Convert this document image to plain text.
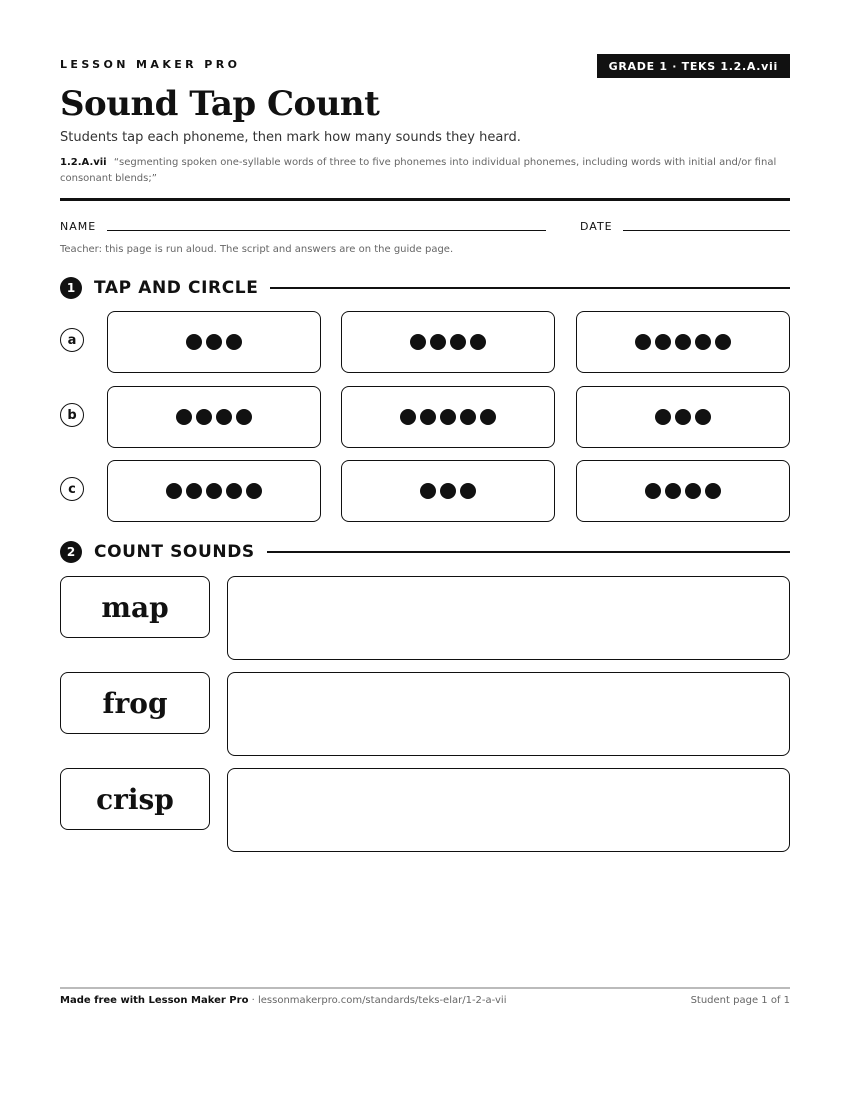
LESSON MAKER PRO	GRADE 1 · TEKS 1.2.A.vii
Sound Tap Count
Students tap each phoneme, then mark how many sounds they heard.
1.2.A.vii “segmenting spoken one-syllable words of three to five phonemes into individual phonemes, including words with initial and/or final consonant blends;”
NAME	DATE
Teacher: this page is run aloud. The script and answers are on the guide page.
1	TAP AND CIRCLE
a
b
c
2	COUNT SOUNDS
map
frog
crisp
Made free with Lesson Maker Pro · lessonmakerpro.com/standards/teks-elar/1-2-a-vii	Student page 1 of 1
